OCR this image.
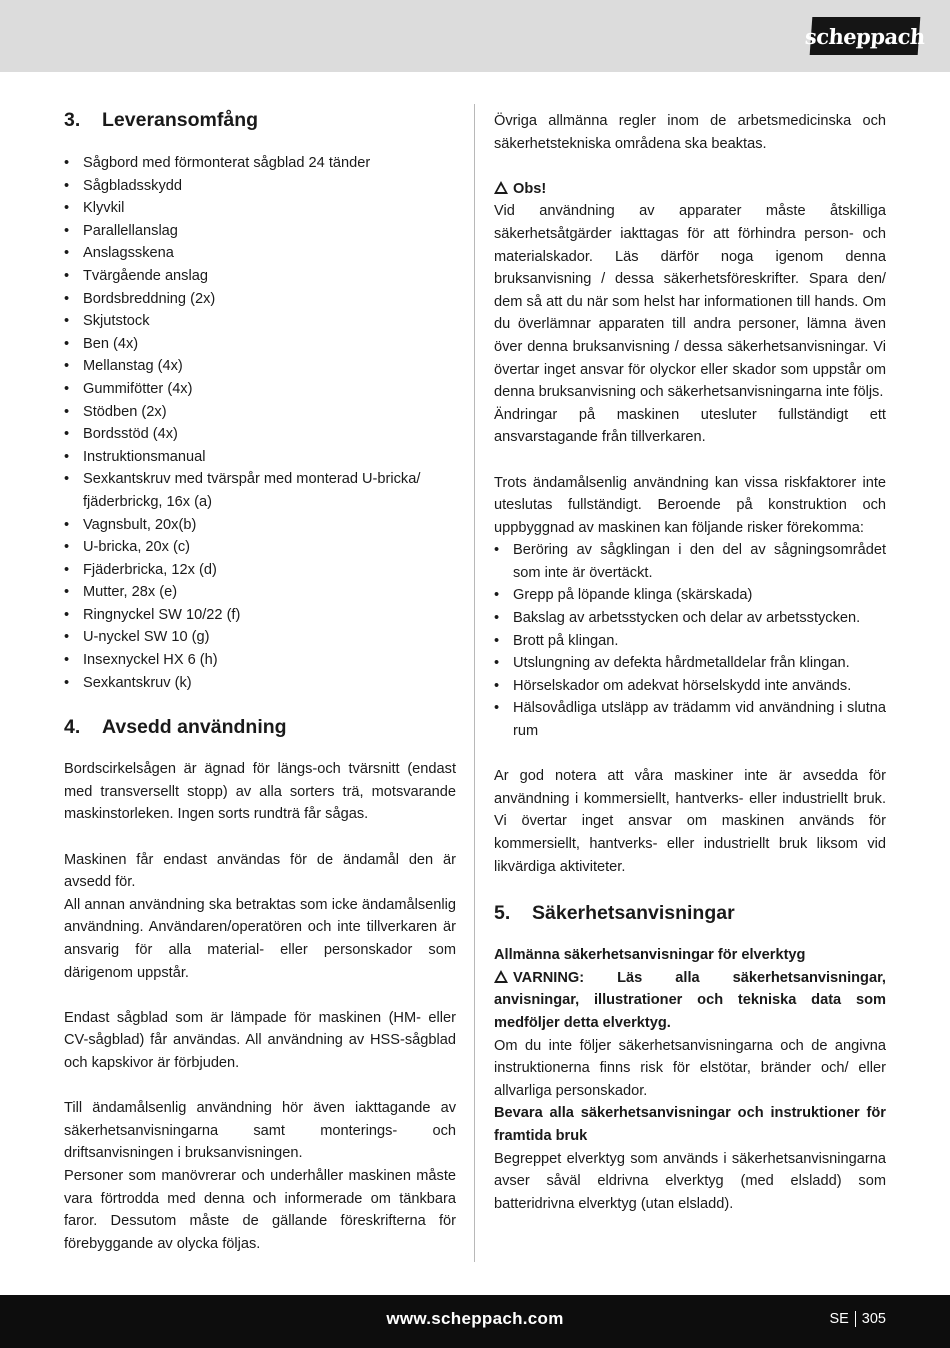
scheppach
3.	Leveransomfång
• Sågbord med förmonterat sågblad 24 tänder
• Sågbladsskydd
• Klyvkil
• Parallellanslag
• Anslagsskena
• Tvärgående anslag
• Bordsbreddning (2x)
• Skjutstock
• Ben (4x)
• Mellanstag (4x)
• Gummifötter (4x)
• Stödben (2x)
• Bordsstöd (4x)
• Instruktionsmanual
• Sexkantskruv med tvärspår med monterad U-bricka/ fjäderbrickg, 16x (a)
• Vagnsbult, 20x(b)
• U-bricka, 20x (c)
• Fjäderbricka, 12x (d)
• Mutter, 28x (e)
• Ringnyckel SW 10/22 (f)
• U-nyckel SW 10 (g)
• Insexnyckel HX 6 (h)
• Sexkantskruv (k)
4.	Avsedd användning

Bordscirkelsågen är ägnad för längs-och tvärsnitt (endast med transversellt stopp) av alla sorters trä, motsvarande maskinstorleken. Ingen sorts rundträ får sågas.

Maskinen får endast användas för de ändamål den är avsedd för.

All annan användning ska betraktas som icke ändamålsenlig användning. Användaren/operatören och inte tillverkaren är ansvarig för alla material- eller personskador som därigenom uppstår.

Endast sågblad som är lämpade för maskinen (HM- eller CV-sågblad) får användas. All användning av HSS-sågblad och kapskivor är förbjuden.

Till ändamålsenlig användning hör även iakttagande av säkerhetsanvisningarna samt monterings- och driftsanvisningen i bruksanvisningen.

Personer som manövrerar och underhåller maskinen måste vara förtrodda med denna och informerade om tänkbara faror. Dessutom måste de gällande föreskrifterna för förebyggande av olycka följas.

Övriga allmänna regler inom de arbetsmedicinska och säkerhetstekniska områdena ska beaktas.

Obs!

Vid användning av apparater måste åtskilliga säkerhetsåtgärder iakttagas för att förhindra person- och materialskador. Läs därför noga igenom denna bruksanvisning / dessa säkerhetsföreskrifter. Spara den/ dem så att du när som helst har informationen till hands. Om du överlämnar apparaten till andra personer, lämna även över denna bruksanvisning / dessa säkerhetsanvisningar. Vi övertar inget ansvar för olyckor eller skador som uppstår om denna bruksanvisning och säkerhetsanvisningarna inte följs.

Ändringar på maskinen utesluter fullständigt ett ansvarstagande från tillverkaren.

Trots ändamålsenlig användning kan vissa riskfaktorer inte uteslutas fullständigt. Beroende på konstruktion och uppbyggnad av maskinen kan följande risker förekomma:

• Beröring av sågklingan i den del av sågningsområdet som inte är övertäckt.
• Grepp på löpande klinga (skärskada)
• Bakslag av arbetsstycken och delar av arbetsstycken.
• Brott på klingan.
• Utslungning av defekta hårdmetalldelar från klingan.
• Hörselskador om adekvat hörselskydd inte används.
• Hälsovådliga utsläpp av trädamm vid användning i slutna rum

Ar god notera att våra maskiner inte är avsedda för användning i kommersiellt, hantverks- eller industriellt bruk. Vi övertar inget ansvar om maskinen används för kommersiellt, hantverks- eller industriellt bruk liksom vid likvärdiga aktiviteter.

5.	Säkerhetsanvisningar

Allmänna säkerhetsanvisningar för elverktyg

VARNING: Läs alla säkerhetsanvisningar, anvisningar, illustrationer och tekniska data som medföljer detta elverktyg.

Om du inte följer säkerhetsanvisningarna och de angivna instruktionerna finns risk för elstötar, bränder och/ eller allvarliga personskador.

Bevara alla säkerhetsanvisningar och instruktioner för framtida bruk

Begreppet elverktyg som används i säkerhetsanvisningarna avser såväl eldrivna elverktyg (med elsladd) som batteridrivna elverktyg (utan elsladd).

www.scheppach.com	SE 305
